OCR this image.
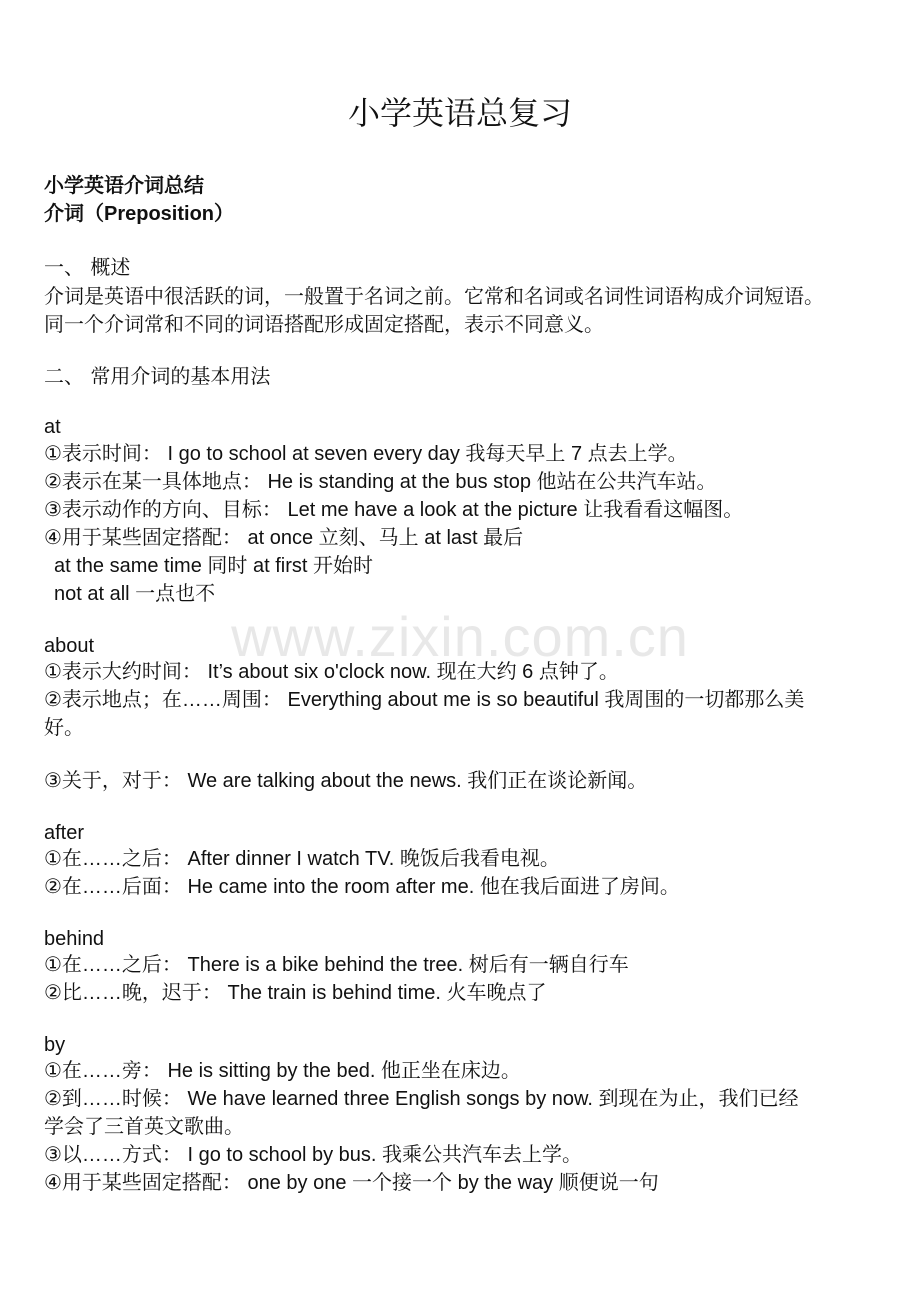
小学英语总复习
www.zixin.com.cn
小学英语介词总结
介词（Preposition）
一、 概述
介词是英语中很活跃的词，一般置于名词之前。它常和名词或名词性词语构成介词短语。
同一个介词常和不同的词语搭配形成固定搭配，表示不同意义。
二、 常用介词的基本用法
at
①表示时间： I go to school at seven every day 我每天早上 7 点去上学。
②表示在某一具体地点： He is standing at the bus stop 他站在公共汽车站。
③表示动作的方向、目标： Let me have a look at the picture 让我看看这幅图。
④用于某些固定搭配： at once 立刻、马上 at last 最后
at the same time 同时 at first 开始时
not at all 一点也不
about
①表示大约时间： It’s about six o'clock now. 现在大约 6 点钟了。
②表示地点；在……周围： Everything about me is so beautiful 我周围的一切都那么美
好。
③关于，对于： We are talking about the news. 我们正在谈论新闻。
after
①在……之后： After dinner I watch TV. 晚饭后我看电视。
②在……后面： He came into the room after me. 他在我后面进了房间。
behind
①在……之后： There is a bike behind the tree. 树后有一辆自行车
②比……晚，迟于： The train is behind time. 火车晚点了
by
①在……旁： He is sitting by the bed. 他正坐在床边。
②到……时候： We have learned three English songs by now. 到现在为止，我们已经
学会了三首英文歌曲。
③以……方式： I go to school by bus. 我乘公共汽车去上学。
④用于某些固定搭配： one by one 一个接一个 by the way 顺便说一句
